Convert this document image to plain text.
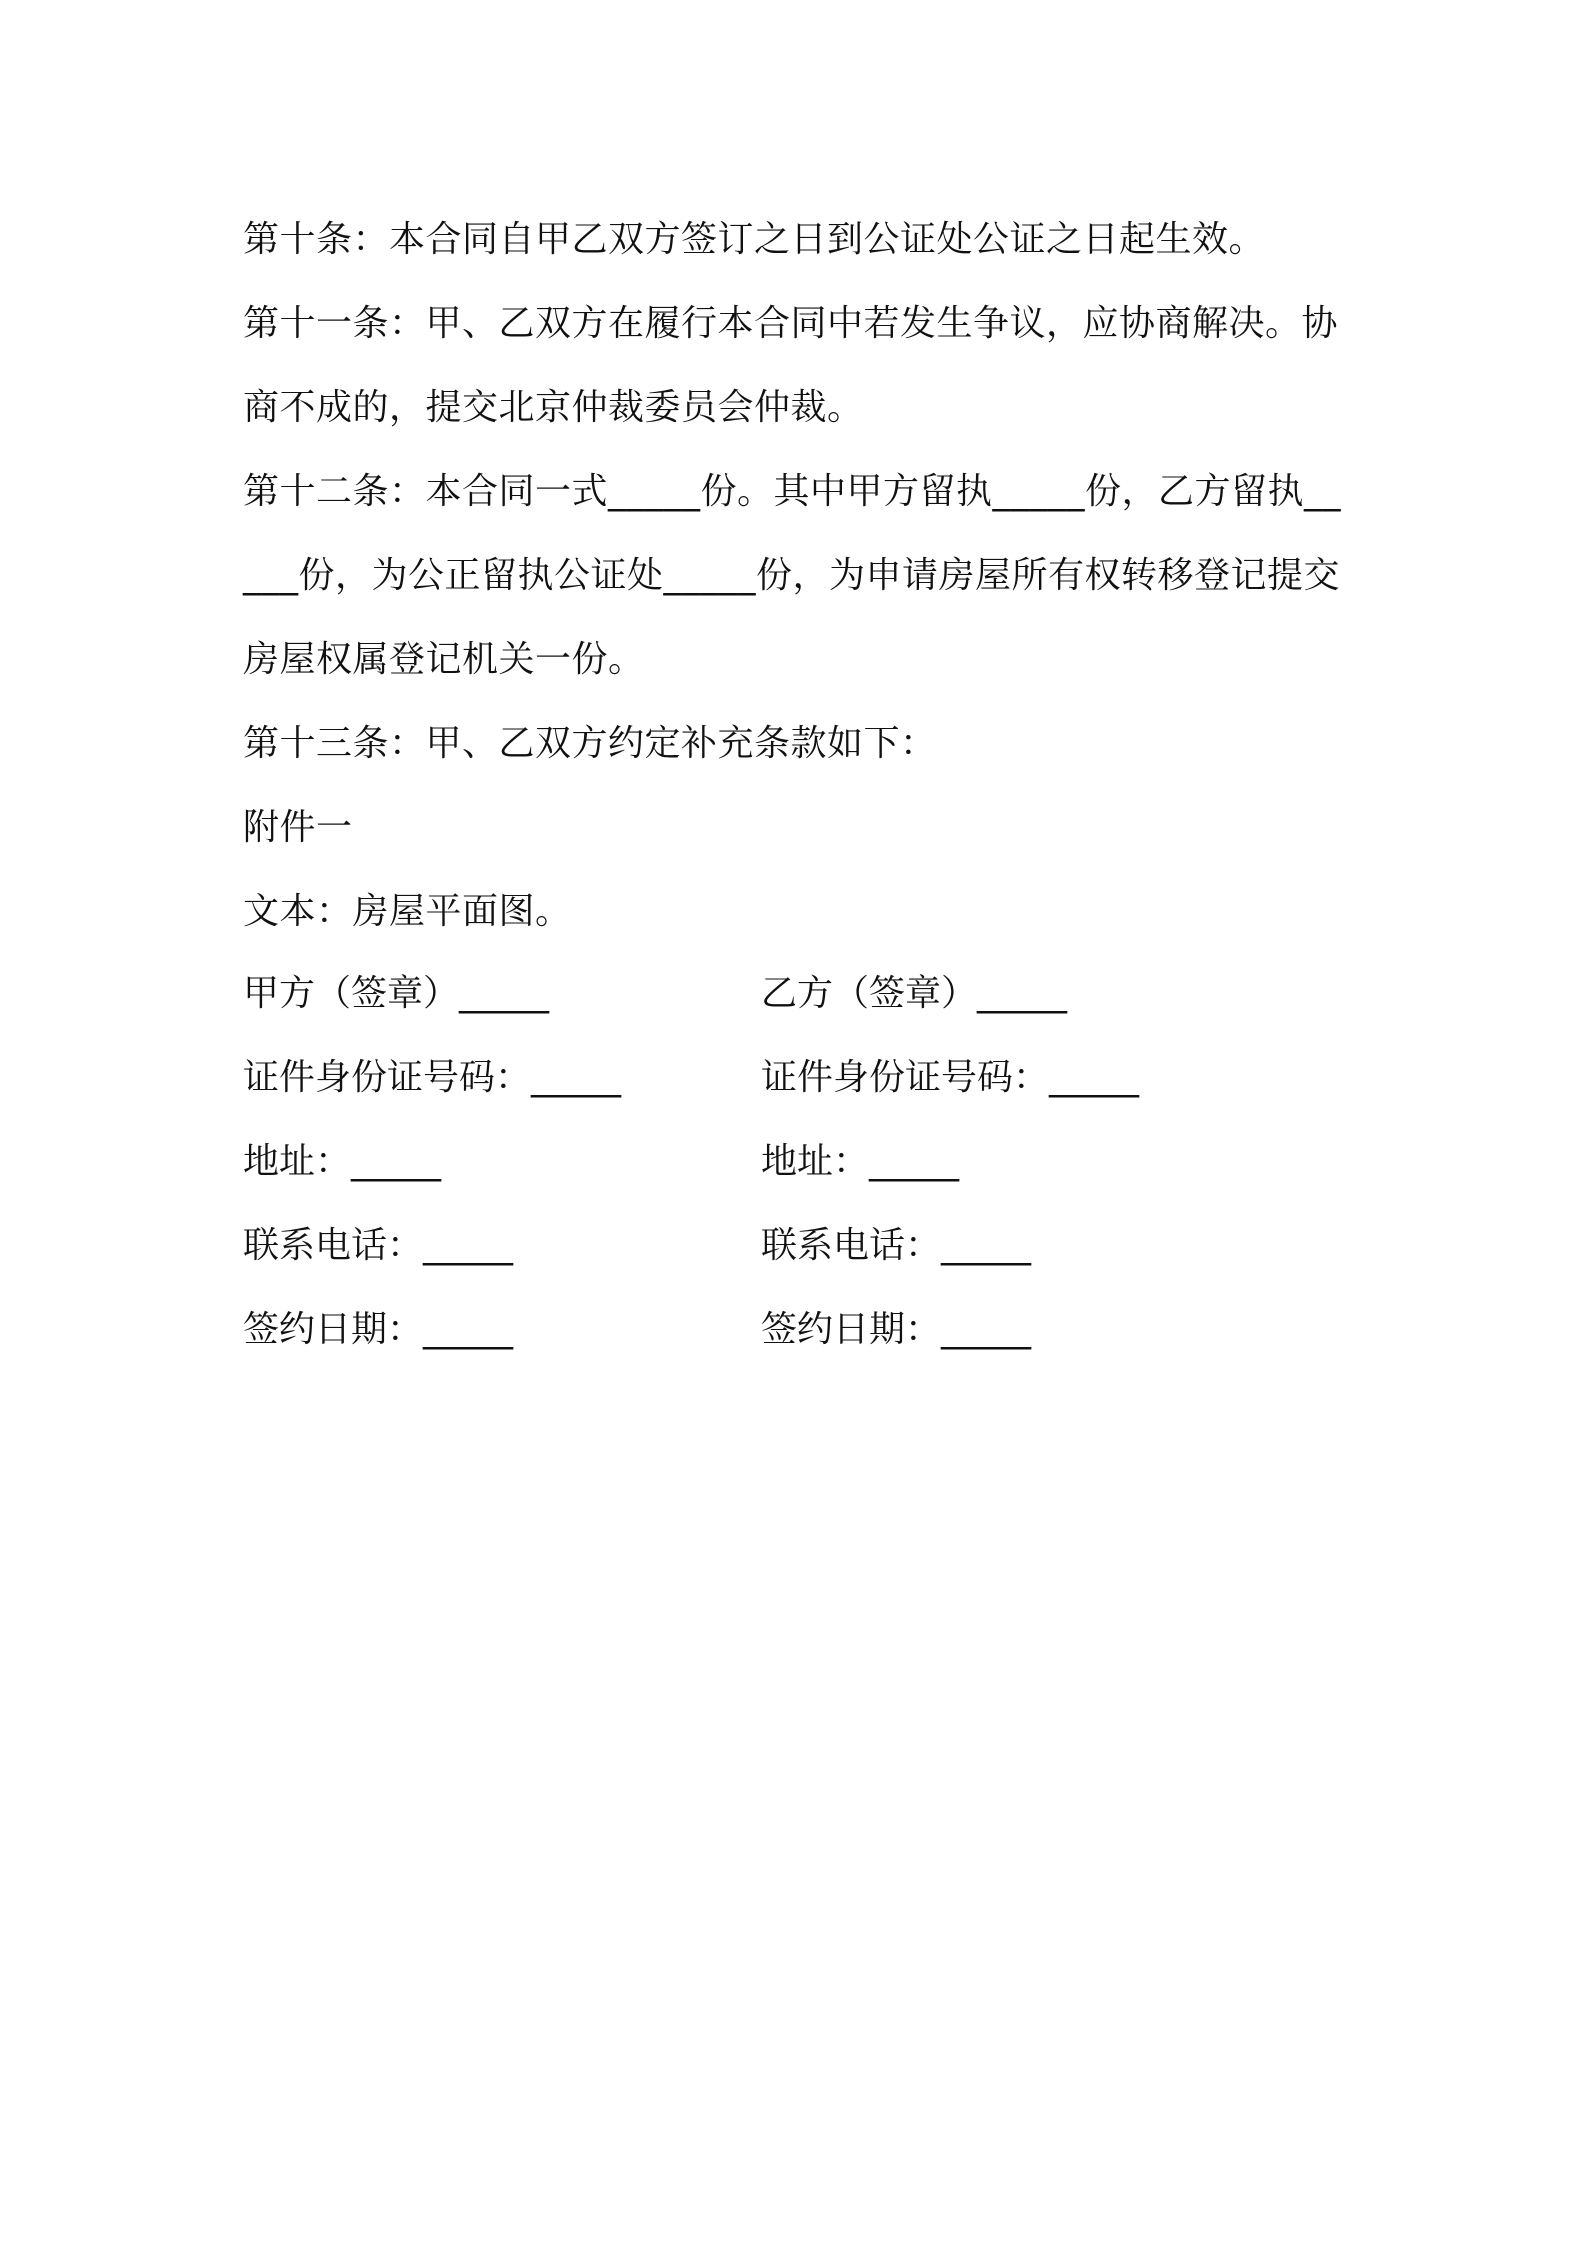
第十条：本合同自甲乙双方签订之日到公证处公证之日起生效。

第十一条：甲、乙双方在履行本合同中若发生争议，应协商解决。协商不成的，提交北京仲裁委员会仲裁。

第十二条：本合同一式_____份。其中甲方留执_____份，乙方留执_____份，为公正留执公证处_____份，为申请房屋所有权转移登记提交房屋权属登记机关一份。

第十三条：甲、乙双方约定补充条款如下：

附件一

文本：房屋平面图。

甲方（签章）_____	乙方（签章）_____
证件身份证号码：_____	证件身份证号码：_____
地址：_____	地址：_____
联系电话：_____	联系电话：_____
签约日期：_____	签约日期：_____
